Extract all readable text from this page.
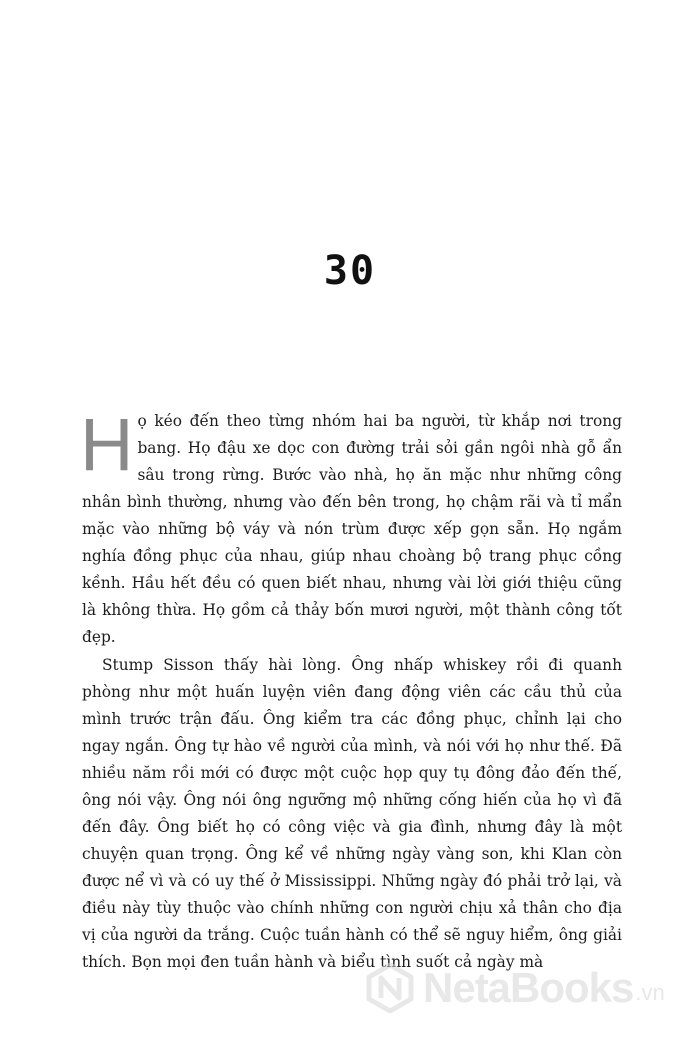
30

Họ kéo đến theo từng nhóm hai ba người, từ khắp nơi trong bang. Họ đậu xe dọc con đường trải sỏi gần ngôi nhà gỗ ẩn sâu trong rừng. Bước vào nhà, họ ăn mặc như những công nhân bình thường, nhưng vào đến bên trong, họ chậm rãi và tỉ mẩn mặc vào những bộ váy và nón trùm được xếp gọn sẵn. Họ ngắm nghía đồng phục của nhau, giúp nhau choàng bộ trang phục cồng kềnh. Hầu hết đều có quen biết nhau, nhưng vài lời giới thiệu cũng là không thừa. Họ gồm cả thảy bốn mươi người, một thành công tốt đẹp.

Stump Sisson thấy hài lòng. Ông nhấp whiskey rồi đi quanh phòng như một huấn luyện viên đang động viên các cầu thủ của mình trước trận đấu. Ông kiểm tra các đồng phục, chỉnh lại cho ngay ngắn. Ông tự hào về người của mình, và nói với họ như thế. Đã nhiều năm rồi mới có được một cuộc họp quy tụ đông đảo đến thế, ông nói vậy. Ông nói ông ngưỡng mộ những cống hiến của họ vì đã đến đây. Ông biết họ có công việc và gia đình, nhưng đây là một chuyện quan trọng. Ông kể về những ngày vàng son, khi Klan còn được nể vì và có uy thế ở Mississippi. Những ngày đó phải trở lại, và điều này tùy thuộc vào chính những con người chịu xả thân cho địa vị của người da trắng. Cuộc tuần hành có thể sẽ nguy hiểm, ông giải thích. Bọn mọi đen tuần hành và biểu tình suốt cả ngày mà

NetaBooks .vn
